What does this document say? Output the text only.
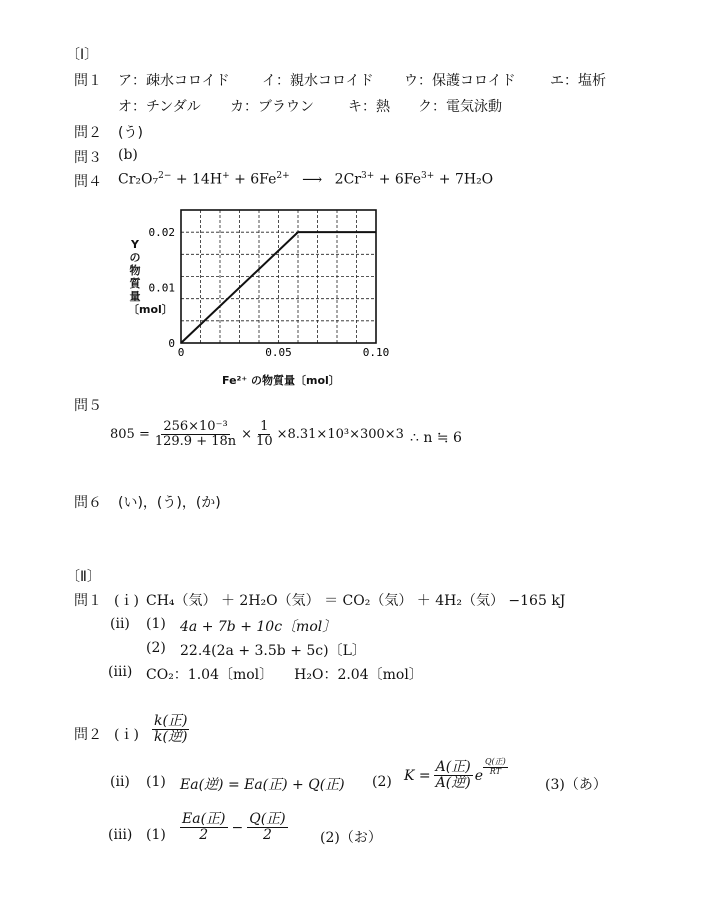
〔Ⅰ〕
問１ ア：疎水コロイド イ：親水コロイド ウ：保護コロイド エ：塩析
オ：チンダル カ：ブラウン キ：熱 ク：電気泳動
問２ (う)
問３ (b)
問４ $Cr_2O_7^{2-} + 14H^+ + 6Fe^{2+}$ ⟶ $2Cr^{3+} + 6Fe^{3+} + 7H_2O$
0	0.05	0.10
0
0.01
0.02
Yの物質量〔mol〕
Fe²⁺ の物質量〔mol〕
問５
$805 = \frac{\text{256×10⁻³}}{129.9 + 18n} \times \frac{1}{10} \times 8.31\times 10^3\times 300\times 3$ ∴ n ≒ 6
問６ (い)，(う)，(か)
〔Ⅱ〕
問１ (ｉ) CH₄（気） ＋ 2H₂O（気） ＝ CO₂（気） ＋ 4H₂（気） −165 kJ
(ⅱ) (1) 4a + 7b + 10c〔mol〕
(2) 22.4(2a + 3.5b + 5c)〔L〕
(ⅲ) CO₂：1.04〔mol〕　　H₂O：2.04〔mol〕
問２ (ｉ) $\frac{\text{k(正)}}{\text{k(逆)}}$
(ⅱ) (1) Ea(逆) = Ea(正) + Q(正) (2) $K = \frac{\text{A(正)}}{\text{A(逆)}}$ e $\frac{\text{Q(正)}}{RT}$
(3)（あ）
(ⅲ) $(1) \frac{\text{Ea(正)}}{2} - \frac{\text{Q(正)}}{2} (2)$（お）
